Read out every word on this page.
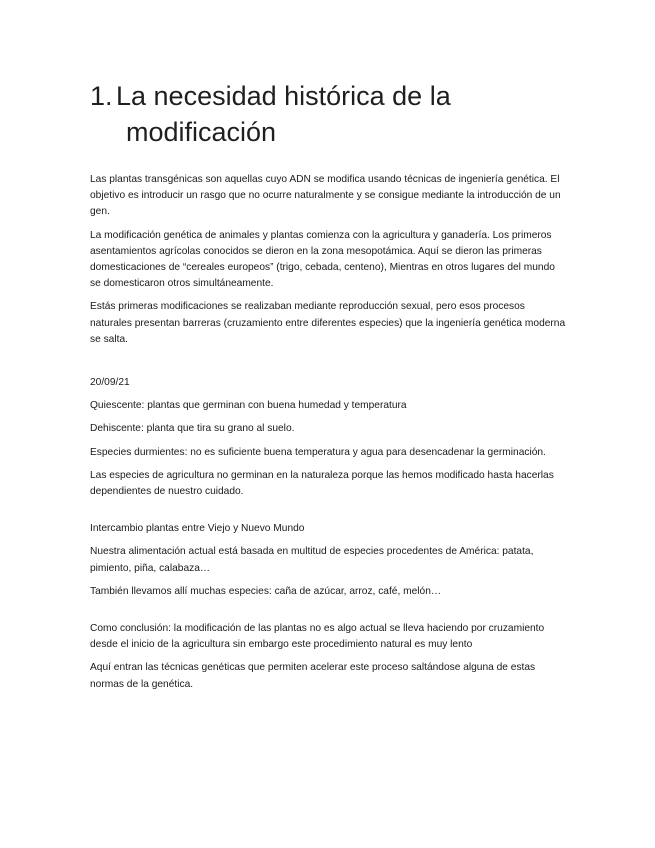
1. La necesidad histórica de la
modificación

Las plantas transgénicas son aquellas cuyo ADN se modifica usando técnicas de ingeniería genética. El objetivo es introducir un rasgo que no ocurre naturalmente y se consigue mediante la introducción de un gen.

La modificación genética de animales y plantas comienza con la agricultura y ganadería. Los primeros asentamientos agrícolas conocidos se dieron en la zona mesopotámica. Aquí se dieron las primeras domesticaciones de “cereales europeos” (trigo, cebada, centeno), Mientras en otros lugares del mundo se domesticaron otros simultáneamente.

Estás primeras modificaciones se realizaban mediante reproducción sexual, pero esos procesos naturales presentan barreras (cruzamiento entre diferentes especies) que la ingeniería genética moderna se salta.

20/09/21

Quiescente: plantas que germinan con buena humedad y temperatura

Dehiscente: planta que tira su grano al suelo.

Especies durmientes: no es suficiente buena temperatura y agua para desencadenar la germinación.

Las especies de agricultura no germinan en la naturaleza porque las hemos modificado hasta hacerlas dependientes de nuestro cuidado.

Intercambio plantas entre Viejo y Nuevo Mundo

Nuestra alimentación actual está basada en multitud de especies procedentes de América: patata, pimiento, piña, calabaza…

También llevamos allí muchas especies: caña de azúcar, arroz, café, melón…

Como conclusión: la modificación de las plantas no es algo actual se lleva haciendo por cruzamiento desde el inicio de la agricultura sin embargo este procedimiento natural es muy lento

Aquí entran las técnicas genéticas que permiten acelerar este proceso saltándose alguna de estas normas de la genética.
